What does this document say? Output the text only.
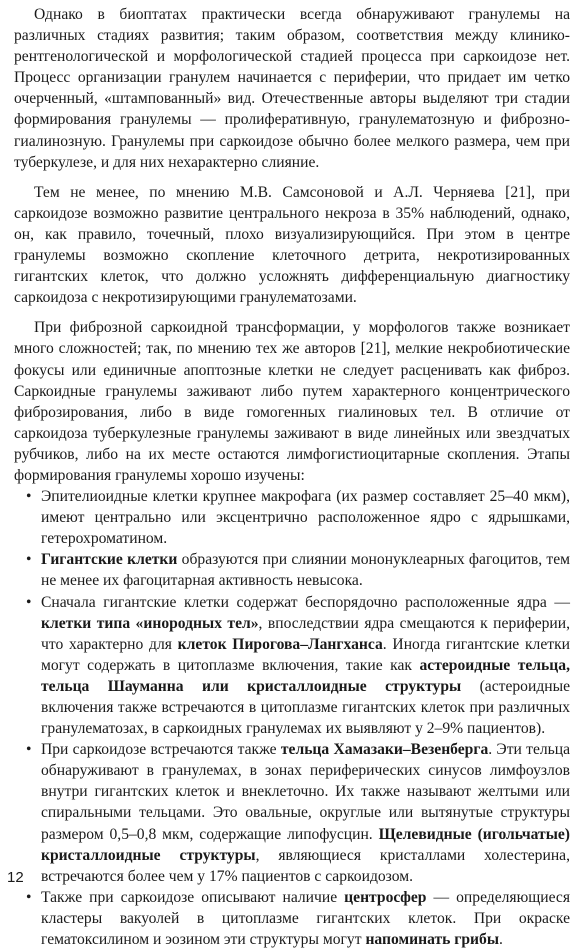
Однако в биоптатах практически всегда обнаруживают гранулемы на различных стадиях развития; таким образом, соответствия между клинико-рентгенологической и морфологической стадией процесса при саркоидозе нет. Процесс организации гранулем начинается с периферии, что придает им четко очерченный, «штампованный» вид. Отечественные авторы выделяют три стадии формирования гранулемы — пролиферативную, гранулематозную и фиброзно-гиалинозную. Гранулемы при саркоидозе обычно более мелкого размера, чем при туберкулезе, и для них нехарактерно слияние.

Тем не менее, по мнению М.В. Самсоновой и А.Л. Черняева [21], при саркоидозе возможно развитие центрального некроза в 35% наблюдений, однако, он, как правило, точечный, плохо визуализирующийся. При этом в центре гранулемы возможно скопление клеточного детрита, некротизированных гигантских клеток, что должно усложнять дифференциальную диагностику саркоидоза с некротизирующими гранулематозами.

При фиброзной саркоидной трансформации, у морфологов также возникает много сложностей; так, по мнению тех же авторов [21], мелкие некробиотические фокусы или единичные апоптозные клетки не следует расценивать как фиброз. Саркоидные гранулемы заживают либо путем характерного концентрического фиброзирования, либо в виде гомогенных гиалиновых тел. В отличие от саркоидоза туберкулезные гранулемы заживают в виде линейных или звездчатых рубчиков, либо на их месте остаются лимфогистиоцитарные скопления. Этапы формирования гранулемы хорошо изучены:

• Эпителиоидные клетки крупнее макрофага (их размер составляет 25–40 мкм), имеют центрально или эксцентрично расположенное ядро с ядрышками, гетерохроматином.
• Гигантские клетки образуются при слиянии мононуклеарных фагоцитов, тем не менее их фагоцитарная активность невысока.
• Сначала гигантские клетки содержат беспорядочно расположенные ядра — клетки типа «инородных тел», впоследствии ядра смещаются к периферии, что характерно для клеток Пирогова–Лангханса. Иногда гигантские клетки могут содержать в цитоплазме включения, такие как астероидные тельца, тельца Шауманна или кристаллоидные структуры (астероидные включения также встречаются в цитоплазме гигантских клеток при различных гранулематозах, в саркоидных гранулемах их выявляют у 2–9% пациентов).
• При саркоидозе встречаются также тельца Хамазаки–Везенберга. Эти тельца обнаруживают в гранулемах, в зонах периферических синусов лимфоузлов внутри гигантских клеток и внеклеточно. Их также называют желтыми или спиральными тельцами. Это овальные, округлые или вытянутые структуры размером 0,5–0,8 мкм, содержащие липофусцин. Щелевидные (игольчатые) кристаллоидные структуры, являющиеся кристаллами холестерина, встречаются более чем у 17% пациентов с саркоидозом.
• Также при саркоидозе описывают наличие центросфер — определяющиеся кластеры вакуолей в цитоплазме гигантских клеток. При окраске гематоксилином и эозином эти структуры могут напоминать грибы.
12
